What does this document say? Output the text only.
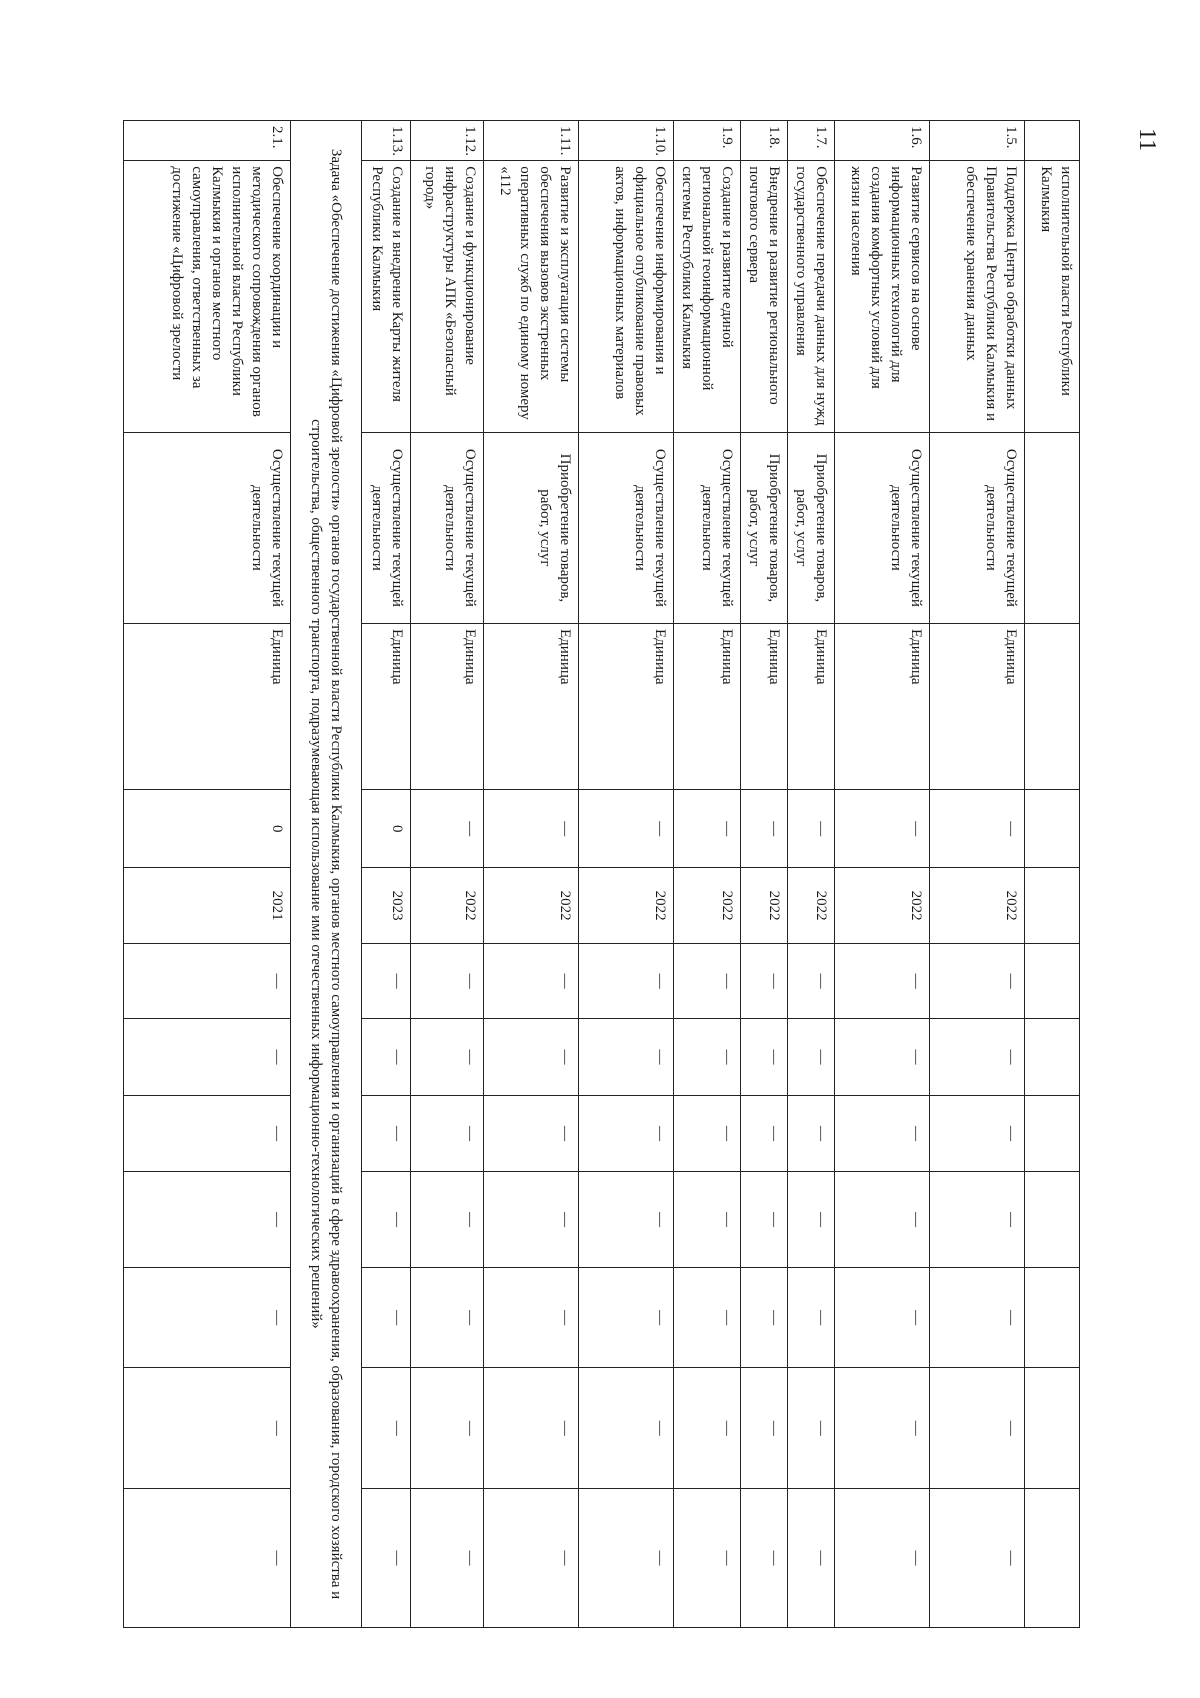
11
	исполнительной власти Республики Калмыкия											
1.5.	Поддержка Центра обработки данных Правительства Республики Калмыкия и обеспечение хранения данных	Осуществление текущей деятельности	Единица	—	2022	—	—	—	—	—	—	—
1.6.	Развитие сервисов на основе информационных технологий для создания комфортных условий для жизни населения	Осуществление текущей деятельности	Единица	—	2022	—	—	—	—	—	—	—
1.7.	Обеспечение передачи данных для нужд государственного управления	Приобретение товаров, работ, услуг	Единица	—	2022	—	—	—	—	—	—	—
1.8.	Внедрение и развитие регионального почтового сервера	Приобретение товаров, работ, услуг	Единица	—	2022	—	—	—	—	—	—	—
1.9.	Создание и развитие единой региональной геоинформационной системы Республики Калмыкия	Осуществление текущей деятельности	Единица	—	2022	—	—	—	—	—	—	—
1.10.	Обеспечение информирования и официальное опубликование правовых актов, информационных материалов	Осуществление текущей деятельности	Единица	—	2022	—	—	—	—	—	—	—
1.11.	Развитие и эксплуатация системы обеспечения вызовов экстренных оперативных служб по единому номеру «112	Приобретение товаров, работ, услуг	Единица	—	2022	—	—	—	—	—	—	—
1.12.	Создание и функционирование инфраструктуры АПК «Безопасный город»	Осуществление текущей деятельности	Единица	—	2022	—	—	—	—	—	—	—
1.13.	Создание и внедрение Карты жителя Республики Калмыкия	Осуществление текущей деятельности	Единица	0	2023	—	—	—	—	—	—	—
Задача «Обеспечение достижения «Цифровой зрелости» органов государственной власти Республики Калмыкия, органов местного самоуправления и организаций в сфере здравоохранения, образования, городского хозяйства и строительства, общественного транспорта, подразумевающая использование ими отечественных информационно-технологических решений»												
2.1.	Обеспечение координации и методического сопровождения органов исполнительной власти Республики Калмыкия и органов местного самоуправления, ответственных за достижение «Цифровой зрелости	Осуществление текущей деятельности	Единица	0	2021	—	—	—	—	—	—	—
